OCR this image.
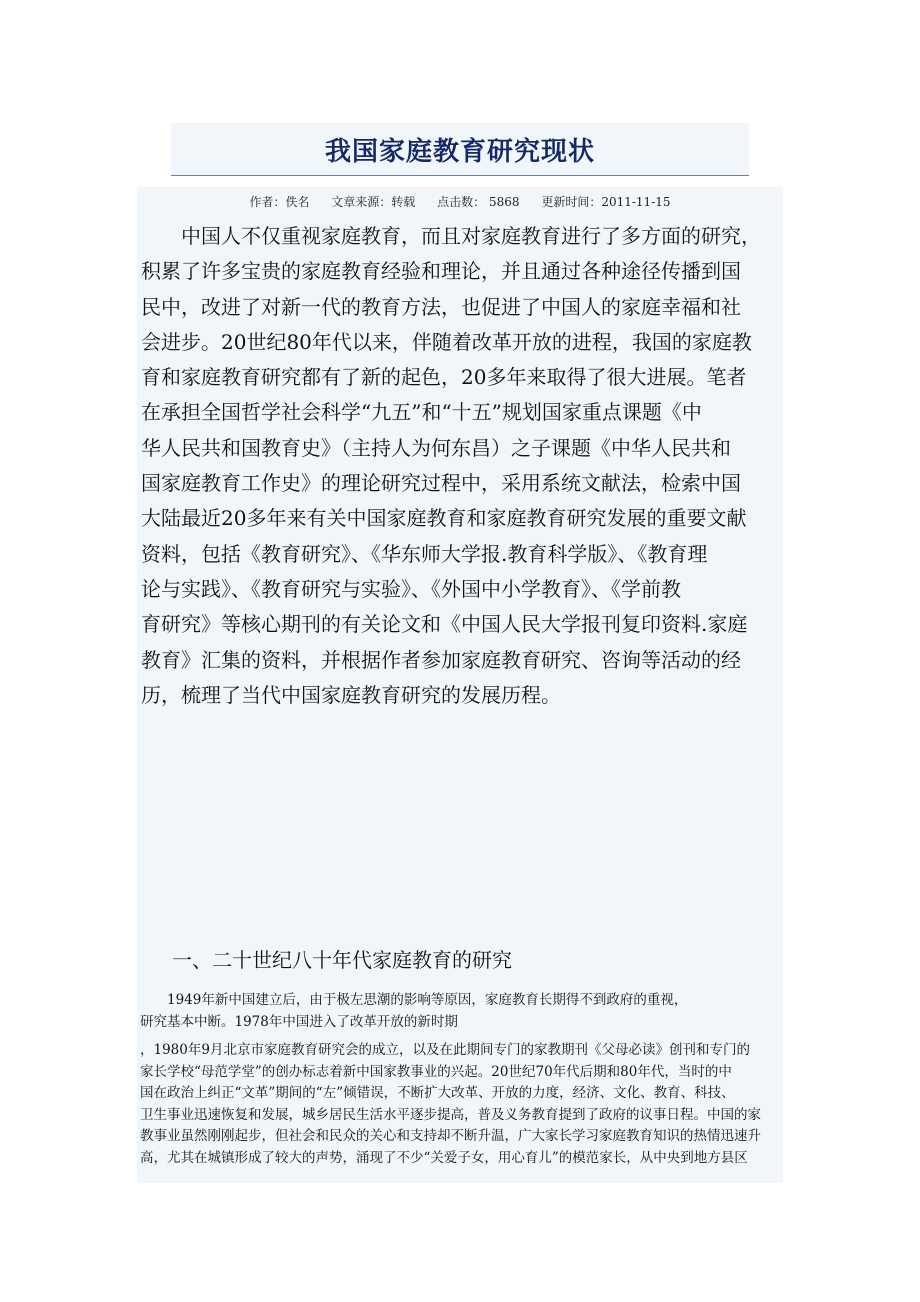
我国家庭教育研究现状
作者：佚名 文章来源：转载 点击数： 5868 更新时间：2011-11-15
　　中国人不仅重视家庭教育，而且对家庭教育进行了多方面的研究，
积累了许多宝贵的家庭教育经验和理论，并且通过各种途径传播到国
民中，改进了对新一代的教育方法，也促进了中国人的家庭幸福和社
会进步。20世纪80年代以来，伴随着改革开放的进程，我国的家庭教
育和家庭教育研究都有了新的起色，20多年来取得了很大进展。笔者
在承担全国哲学社会科学“九五”和“十五”规划国家重点课题《中
华人民共和国教育史》（主持人为何东昌）之子课题《中华人民共和
国家庭教育工作史》的理论研究过程中，采用系统文献法，检索中国
大陆最近20多年来有关中国家庭教育和家庭教育研究发展的重要文献
资料，包括《教育研究》、《华东师大学报.教育科学版》、《教育理
论与实践》、《教育研究与实验》、《外国中小学教育》、《学前教
育研究》等核心期刊的有关论文和《中国人民大学报刊复印资料.家庭
教育》汇集的资料，并根据作者参加家庭教育研究、咨询等活动的经
历，梳理了当代中国家庭教育研究的发展历程。
一、二十世纪八十年代家庭教育的研究
　　1949年新中国建立后，由于极左思潮的影响等原因，家庭教育长期得不到政府的重视，
研究基本中断。1978年中国进入了改革开放的新时期
，1980年9月北京市家庭教育研究会的成立，以及在此期间专门的家教期刊《父母必读》创刊和专门的
家长学校“母范学堂”的创办标志着新中国家教事业的兴起。20世纪70年代后期和80年代，当时的中
国在政治上纠正“文革”期间的“左”倾错误，不断扩大改革、开放的力度，经济、文化、教育、科技、
卫生事业迅速恢复和发展，城乡居民生活水平逐步提高，普及义务教育提到了政府的议事日程。中国的家
教事业虽然刚刚起步，但社会和民众的关心和支持却不断升温，广大家长学习家庭教育知识的热情迅速升
高，尤其在城镇形成了较大的声势，涌现了不少“关爱子女，用心育儿”的模范家长，从中央到地方县区
